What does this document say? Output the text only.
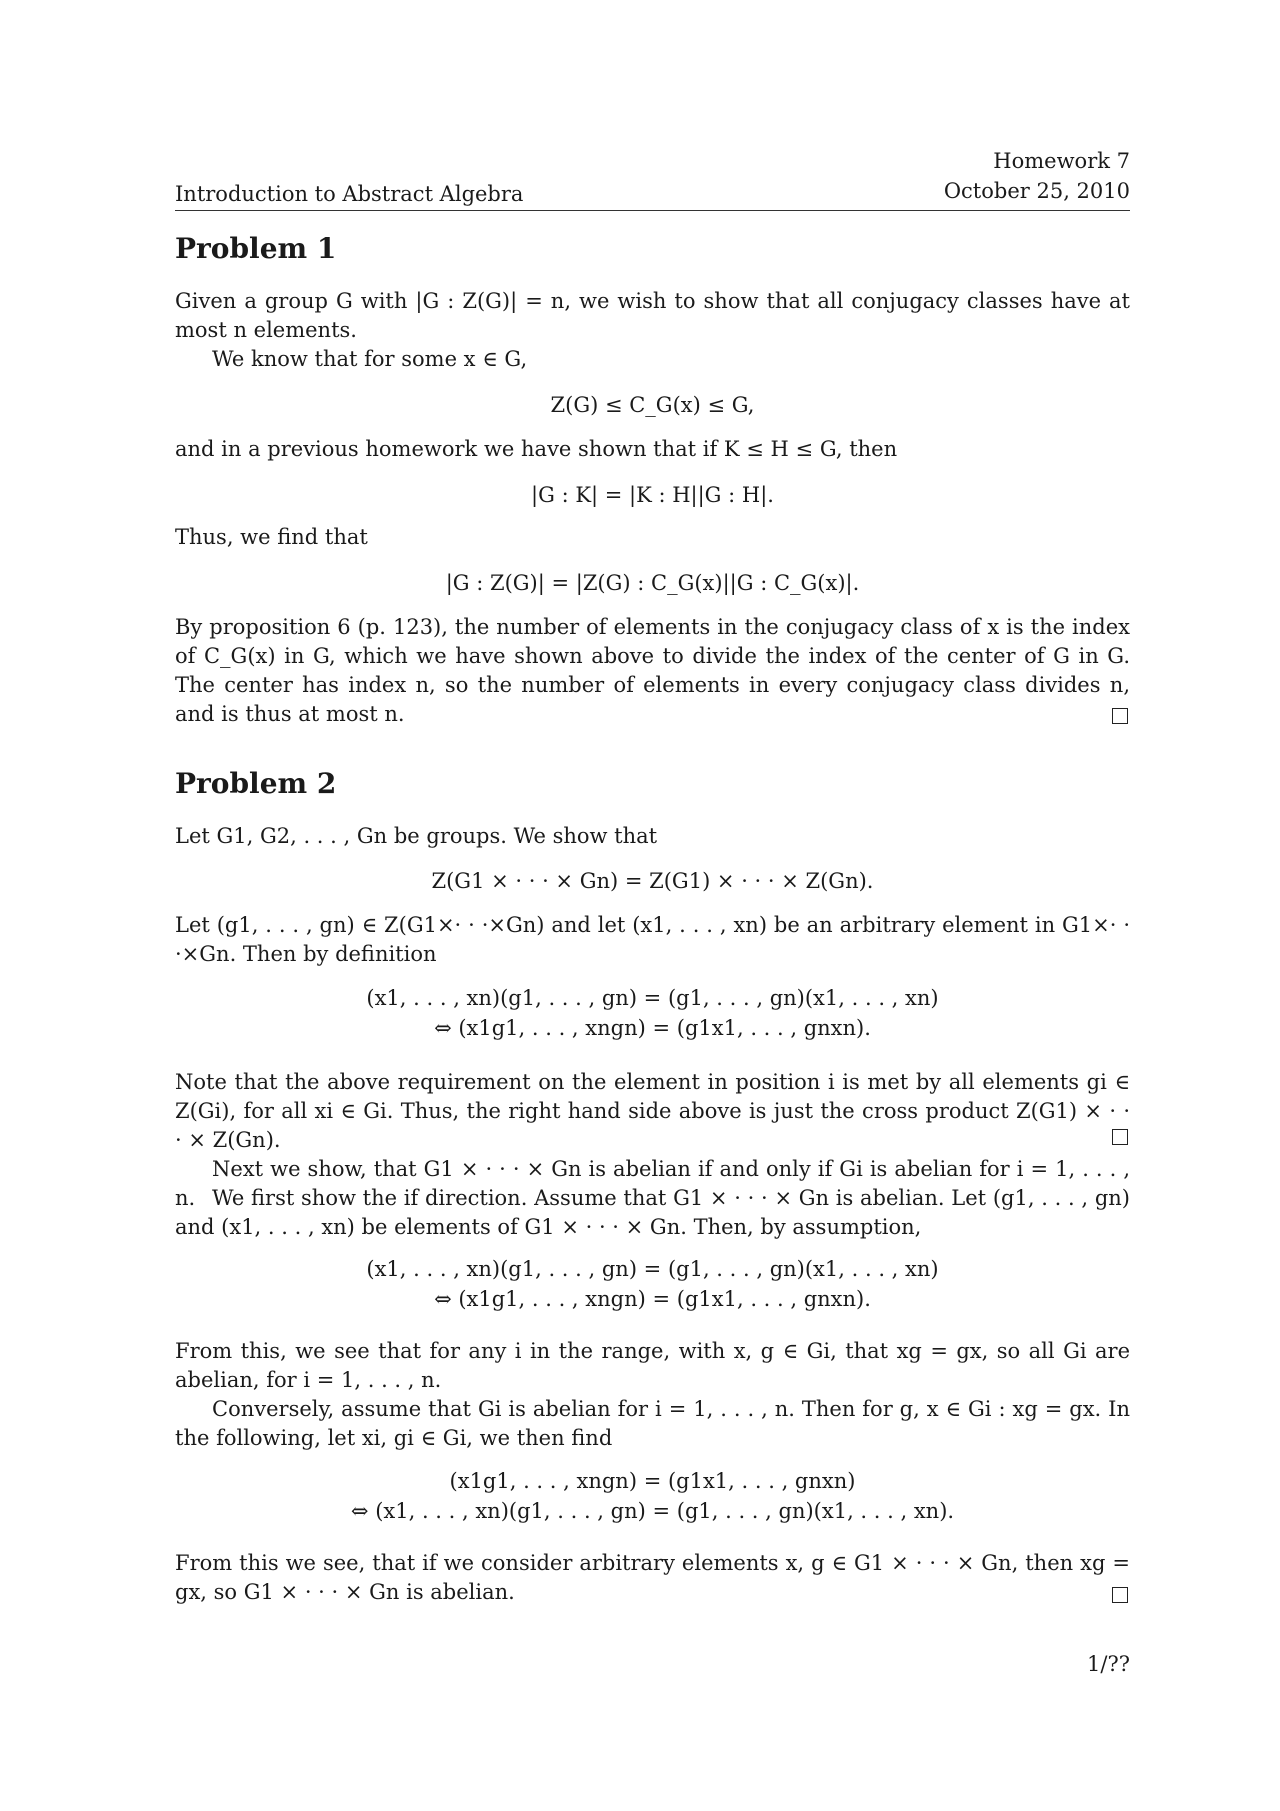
Introduction to Abstract Algebra
Homework 7
October 25, 2010
Problem 1
Given a group G with |G : Z(G)| = n, we wish to show that all conjugacy classes have at most n elements.
We know that for some x ∈ G,
Z(G) ≤ C_G(x) ≤ G,
and in a previous homework we have shown that if K ≤ H ≤ G, then
|G : K| = |K : H||G : H|.
Thus, we find that
|G : Z(G)| = |Z(G) : C_G(x)||G : C_G(x)|.
By proposition 6 (p. 123), the number of elements in the conjugacy class of x is the index of C_G(x) in G, which we have shown above to divide the index of the center of G in G. The center has index n, so the number of elements in every conjugacy class divides n, and is thus at most n.
Problem 2
Let G1, G2, . . . , Gn be groups. We show that
Z(G1 × · · · × Gn) = Z(G1) × · · · × Z(Gn).
Let (g1, . . . , gn) ∈ Z(G1×· · ·×Gn) and let (x1, . . . , xn) be an arbitrary element in G1×· · ·×Gn. Then by definition
(x1, . . . , xn)(g1, . . . , gn) = (g1, . . . , gn)(x1, . . . , xn)
⇔ (x1g1, . . . , xngn) = (g1x1, . . . , gnxn).
Note that the above requirement on the element in position i is met by all elements gi ∈ Z(Gi), for all xi ∈ Gi. Thus, the right hand side above is just the cross product Z(G1) × · · · × Z(Gn).
Next we show, that G1 × · · · × Gn is abelian if and only if Gi is abelian for i = 1, . . . , n. We first show the if direction. Assume that G1 × · · · × Gn is abelian. Let (g1, . . . , gn) and (x1, . . . , xn) be elements of G1 × · · · × Gn. Then, by assumption,
(x1, . . . , xn)(g1, . . . , gn) = (g1, . . . , gn)(x1, . . . , xn)
⇔ (x1g1, . . . , xngn) = (g1x1, . . . , gnxn).
From this, we see that for any i in the range, with x, g ∈ Gi, that xg = gx, so all Gi are abelian, for i = 1, . . . , n.
Conversely, assume that Gi is abelian for i = 1, . . . , n. Then for g, x ∈ Gi : xg = gx. In the following, let xi, gi ∈ Gi, we then find
(x1g1, . . . , xngn) = (g1x1, . . . , gnxn)
⇔ (x1, . . . , xn)(g1, . . . , gn) = (g1, . . . , gn)(x1, . . . , xn).
From this we see, that if we consider arbitrary elements x, g ∈ G1 × · · · × Gn, then xg = gx, so G1 × · · · × Gn is abelian.
1/??
